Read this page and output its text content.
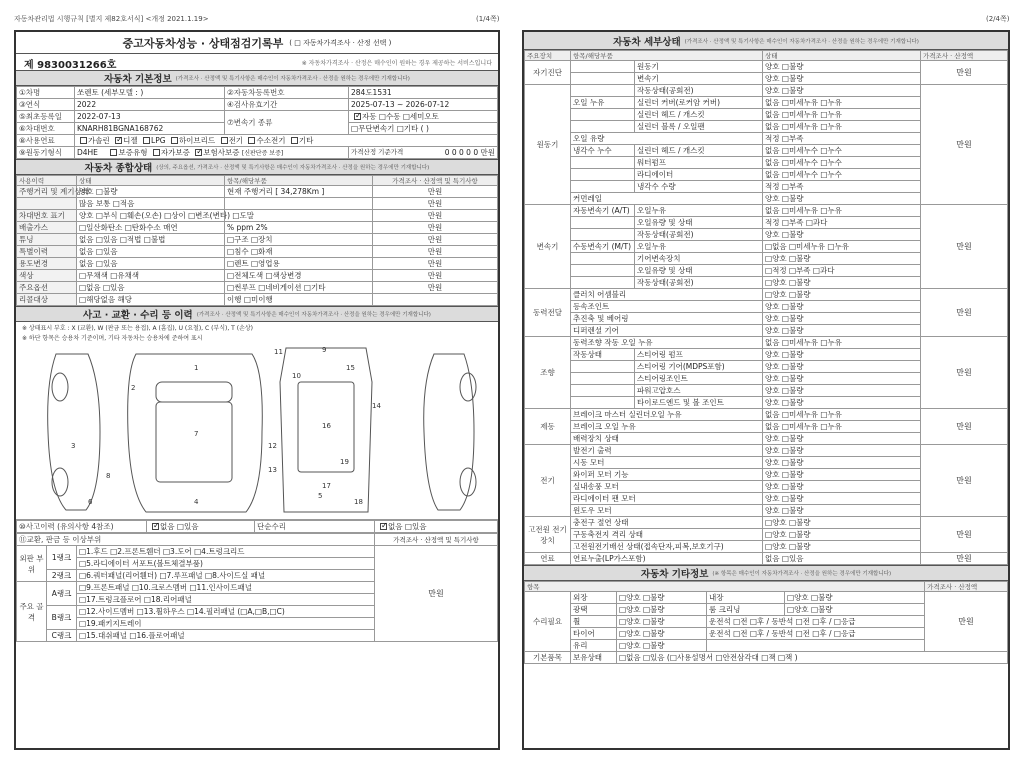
자동차관리법 시행규칙 [별지 제82호서식] <개정 2021.1.19>	(1/4쪽)	(2/4쪽)
중고자동차성능 · 상태점검기록부 ( □ 자동차가격조사 · 산정 선택 )
제 9830031266호	※ 자동차가격조사 · 산정은 매수인이 원하는 경우 제공하는 서비스입니다
자동차 기본정보 (가격조사 · 산정액 및 특기사항은 매수인이 자동차가격조사 · 산정을 원하는 경우에만 기재합니다)
①차명	쏘렌토 (세부모델 : )	②자동차등록번호	284도1531
③연식	2022	④검사유효기간	2025-07-13 ~ 2026-07-12
⑤최초등록일	2022-07-13	⑦변속기 종류	✓자동 □수동 □세미오토
⑥차대번호	KNARH81BGNA168762		□무단변속기 □기타 ( )
⑧사용연료	가솔린 ✓ 디젤 LPG 하이브리드 전기 수소전기 기타
⑨원동기형식	D4HE 보증유형 자가보증 ✓ 보험사보증 [신판단증 보증]		가격산정 기준가격 0 0 0 0 0 만원
자동차 종합상태 (상의, 주요옵션, 가격조사 · 산정액 및 특기사항은 매수인이 자동차가격조사 · 산정을 원하는 경우에만 기재합니다)
사용이력	상태	항목/해당부품	가격조사 · 산정액 및 특기사항
주행거리 및 계기상태	양호 □불량	현재 주행거리 [ 34,278Km ]	만원
	많음 보통 □적음		만원
차대번호 표기	양호 □부식 □훼손(오손) □상이 □변조(변타) □도말		만원
배출가스	□일산화탄소 □탄화수소 매연	% ppm 2%	만원
튜닝	없음 □있음 □적법 □불법	□구조 □장치	만원
특별이력	없음 □있음	□침수 □화재	만원
용도변경	없음 □있음	□렌트 □영업용	만원
색상	□무채색 □유채색	□전체도색 □색상변경	만원
주요옵션	□없음 □있음	□썬루프 □네비게이션 □기타	만원
리콜대상	□해당없음 해당	이행 □미이행	
사고 · 교환 · 수리 등 이력 (가격조사 · 산정액 및 특기사항은 매수인이 자동차가격조사 · 산정을 원하는 경우에만 기재합니다)
※ 상태표시 부호 : X (교환), W (판금 또는 용접), A (흠집), U (요철), C (부식), T (손상)
※ 하단 항목은 승용차 기준이며, 기타 자동차는 승용차에 준하여 표시
1
2
3
4
5
6
7
8
9
10
11
12
13
14
15
16
17
18
19
⑩사고이력 (유의사항 4참조)	✓없음 □있음	단순수리	✓없음 □있음
⑪교환, 판금 등 이상부위			가격조사 · 산정액 및 특기사항
외판 부위	1랭크	□1.후드 □2.프론트휀더 □3.도어 □4.트렁크리드	만원
		□5.라디에이터 서포트(볼트체결부품)	
	2랭크	□6.쿼터패널(리어휀더) □7.루프패널 □8.사이드실 패널	
주요 골격	A랭크	□9.프론트패널 □10.크로스멤버 □11.인사이드패널	
		□17.트렁크플로어 □18.리어패널	
	B랭크	□12.사이드멤버 □13.휠하우스 □14.필러패널 (□A,□B,□C)	
		□19.패키지트레이	
	C랭크	□15.대쉬패널 □16.플로어패널	
자동차 세부상태 (가격조사 · 산정액 및 특기사항은 매수인이 자동차가격조사 · 산정을 원하는 경우에만 기재합니다)
주요장치	항목/해당부품		상태	가격조사 · 산정액
자기진단		원동기	양호 □불량	만원
		변속기	양호 □불량	
원동기		작동상태(공회전)	양호 □불량	만원
	오일 누유	실린더 커버(로커암 커버)	없음 □미세누유 □누유	
		실린더 헤드 / 개스킷	없음 □미세누유 □누유	
		실린더 블록 / 오일팬	없음 □미세누유 □누유	
	오일 유량		적정 □부족	
	냉각수 누수	실린더 헤드 / 개스킷	없음 □미세누수 □누수	
		워터펌프	없음 □미세누수 □누수	
		라디에이터	없음 □미세누수 □누수	
		냉각수 수량	적정 □부족	
	커먼레일		양호 □불량	
변속기	자동변속기 (A/T)	오일누유	없음 □미세누유 □누유	만원
		오일유량 및 상태	적정 □부족 □과다	
		작동상태(공회전)	양호 □불량	
	수동변속기 (M/T)	오일누유	□없음 □미세누유 □누유	
		기어변속장치	□양호 □불량	
		오일유량 및 상태	□적정 □부족 □과다	
		작동상태(공회전)	□양호 □불량	
동력전달	클러치 어셈블리		□양호 □불량	만원
	등속조인트		양호 □불량	
	추진축 및 베어링		양호 □불량	
	디퍼렌셜 기어		양호 □불량	
조향	동력조향 작동 오일 누유		없음 □미세누유 □누유	만원
	작동상태	스티어링 펌프	양호 □불량	
		스티어링 기어(MDPS포함)	양호 □불량	
		스티어링조인트	양호 □불량	
		파워고압호스	양호 □불량	
		타이로드엔드 및 볼 조인트	양호 □불량	
제동	브레이크 마스터 실린더오일 누유		없음 □미세누유 □누유	만원
	브레이크 오일 누유		없음 □미세누유 □누유	
	배력장치 상태		양호 □불량	
전기	발전기 출력		양호 □불량	만원
	시동 모터		양호 □불량	
	와이퍼 모터 기능		양호 □불량	
	실내송풍 모터		양호 □불량	
	라디에이터 팬 모터		양호 □불량	
	윈도우 모터		양호 □불량	
고전원 전기장치	충전구 절연 상태		□양호 □불량	만원
	구동축전지 격리 상태		□양호 □불량	
	고전원전기배선 상태(접속단자,피복,보호기구)		□양호 □불량	
연료	연료누출(LP가스포함)		없음 □있음	만원
자동차 기타정보 (※ 항목은 매수인이 자동차가격조사 · 산정을 원하는 경우에만 기재합니다)
항목					가격조사 · 산정액
수리필요	외장	□양호 □불량	내장	□양호 □불량	만원
	광택	□양호 □불량	룸 크리닝	□양호 □불량	
	휠	□양호 □불량	운전석 □전 □후 / 동반석 □전 □후 / □응급		
	타이어	□양호 □불량	운전석 □전 □후 / 동반석 □전 □후 / □응급		
	유리	□양호 □불량			
기본품목	보유상태	□없음 □있음 (□사용설명서 □안전삼각대 □잭 □잭 )			
